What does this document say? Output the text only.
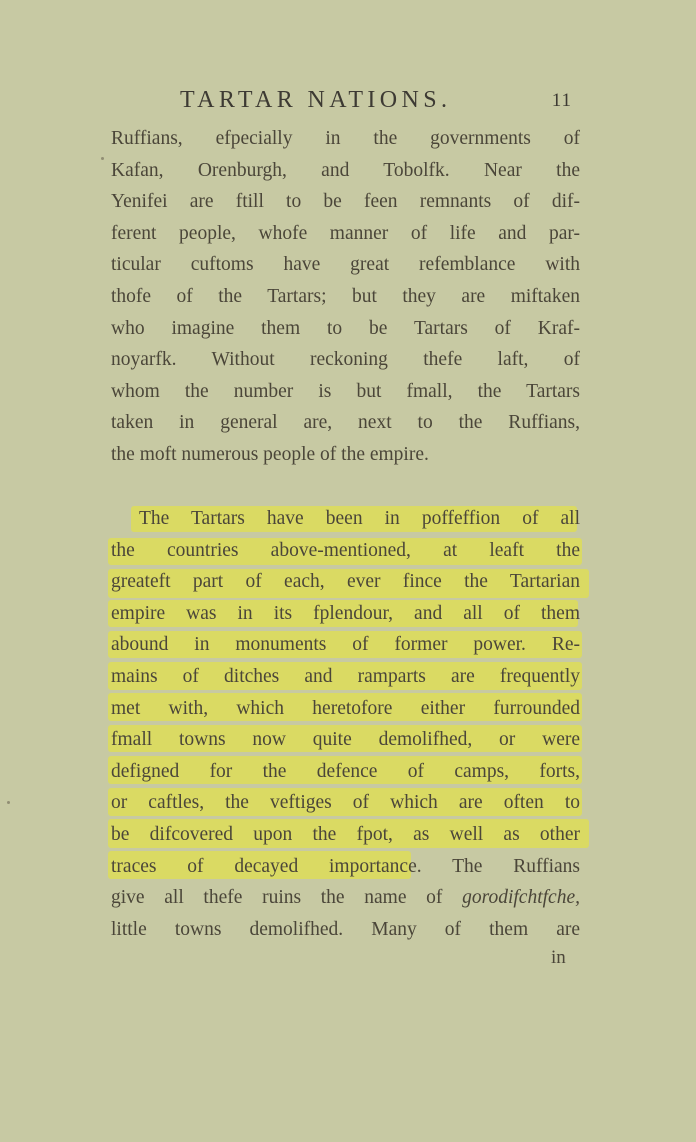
TARTAR NATIONS.	11
Ruffians, efpecially in the governments of
Kafan, Orenburgh, and Tobolfk. Near the
Yenifei are ftill to be feen remnants of dif-
ferent people, whofe manner of life and par-
ticular cuftoms have great refemblance with
thofe of the Tartars; but they are miftaken
who imagine them to be Tartars of Kraf-
noyarfk. Without reckoning thefe laft, of
whom the number is but fmall, the Tartars
taken in general are, next to the Ruffians,
the moft numerous people of the empire.
The Tartars have been in poffeffion of all
the countries above-mentioned, at leaft the
greateft part of each, ever fince the Tartarian
empire was in its fplendour, and all of them
abound in monuments of former power. Re-
mains of ditches and ramparts are frequently
met with, which heretofore either furrounded
fmall towns now quite demolifhed, or were
defigned for the defence of camps, forts,
or caftles, the veftiges of which are often to
be difcovered upon the fpot, as well as other
traces of decayed importance. The Ruffians
give all thefe ruins the name of gorodifchtfche,
little towns demolifhed. Many of them are
in
